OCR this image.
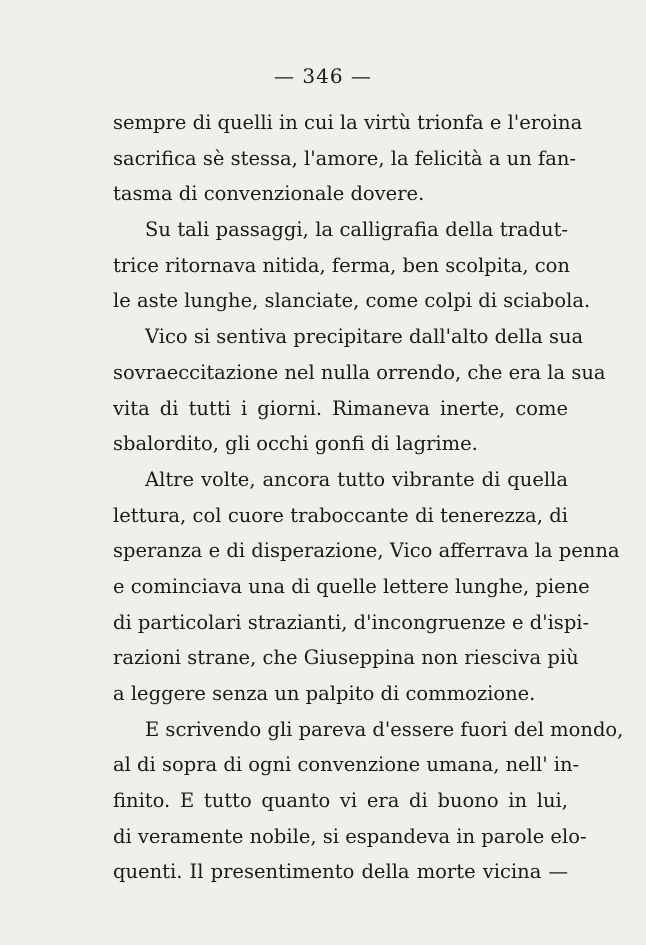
— 346 —
sempre di quelli in cui la virtù trionfa e l'eroina
sacrifica sè stessa, l'amore, la felicità a un fan-
tasma di convenzionale dovere.
Su tali passaggi, la calligrafia della tradut-
trice ritornava nitida, ferma, ben scolpita, con
le aste lunghe, slanciate, come colpi di sciabola.
Vico si sentiva precipitare dall'alto della sua
sovraeccitazione nel nulla orrendo, che era la sua
vita di tutti i giorni. Rimaneva inerte, come
sbalordito, gli occhi gonfi di lagrime.
Altre volte, ancora tutto vibrante di quella
lettura, col cuore traboccante di tenerezza, di
speranza e di disperazione, Vico afferrava la penna
e cominciava una di quelle lettere lunghe, piene
di particolari strazianti, d'incongruenze e d'ispi-
razioni strane, che Giuseppina non riesciva più
a leggere senza un palpito di commozione.
E scrivendo gli pareva d'essere fuori del mondo,
al di sopra di ogni convenzione umana, nell' in-
finito. E tutto quanto vi era di buono in lui,
di veramente nobile, si espandeva in parole elo-
quenti. Il presentimento della morte vicina —
